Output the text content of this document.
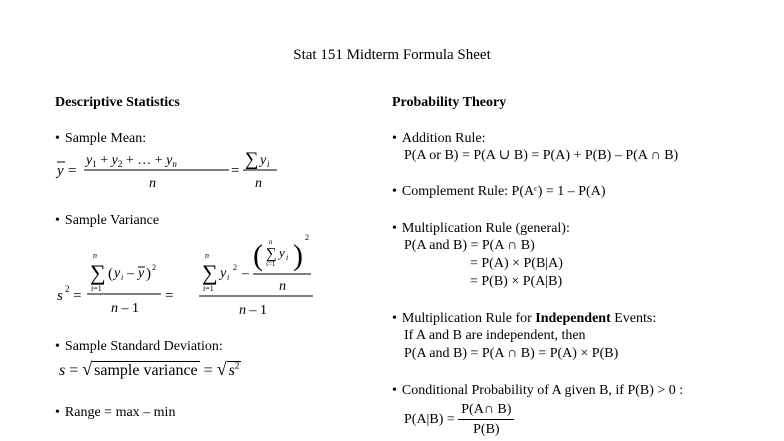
Stat 151 Midterm Formula Sheet
Descriptive Statistics
• Sample Mean:
y =
$y_1 + y_2$ + … + $y_n$
n
=
∑ y i
n
• Sample Variance
s 2 =
n
∑
i=1
( y i – y ) 2
n – 1
=
n
∑
i=1
y i
2 –
( n
∑
i=1
y i )
2
n
n – 1
• Sample Standard Deviation:
s = √ sample variance = √ $s^2$
• Range = max – min
Probability Theory
• Addition Rule:
P(A or B) = P(A ∪ B) = P(A) + P(B) – P(A ∩ B)
• Complement Rule: P(Aᶜ) = 1 – P(A)
• Multiplication Rule (general):
P(A and B) = P(A ∩ B)
= P(A) × P(B|A)
= P(B) × P(A|B)
• Multiplication Rule for Independent Events:
If A and B are independent, then
P(A and B) = P(A ∩ B) = P(A) × P(B)
• Conditional Probability of A given B, if P(B) > 0 :
$P(A|B) = \frac{P(A\cap B)}{P(B)}$
